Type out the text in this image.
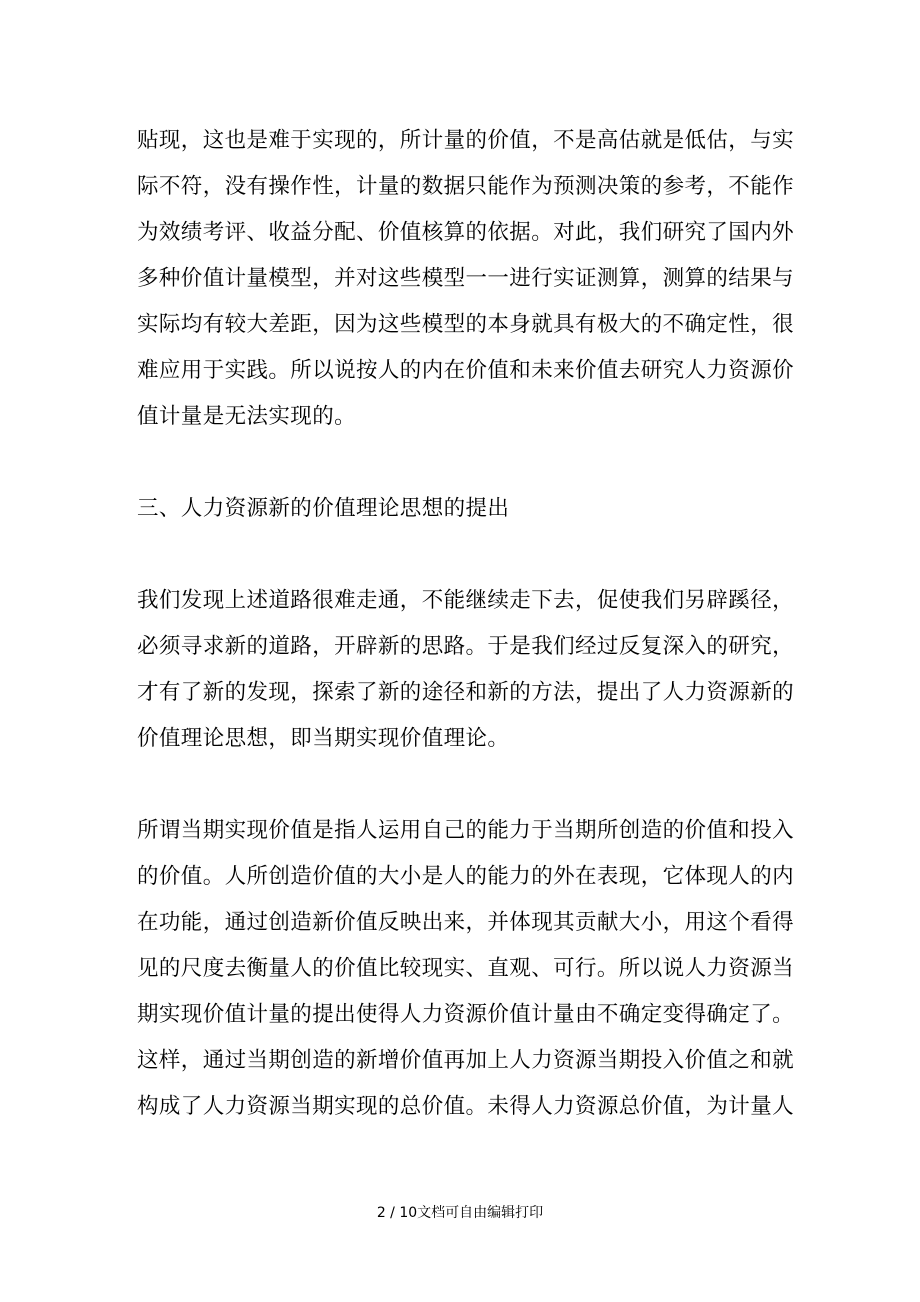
贴现，这也是难于实现的，所计量的价值，不是高估就是低估，与实
际不符，没有操作性，计量的数据只能作为预测决策的参考，不能作
为效绩考评、收益分配、价值核算的依据。对此，我们研究了国内外
多种价值计量模型，并对这些模型一一进行实证测算，测算的结果与
实际均有较大差距，因为这些模型的本身就具有极大的不确定性，很
难应用于实践。所以说按人的内在价值和未来价值去研究人力资源价
值计量是无法实现的。
三、人力资源新的价值理论思想的提出
我们发现上述道路很难走通，不能继续走下去，促使我们另辟蹊径，
必须寻求新的道路，开辟新的思路。于是我们经过反复深入的研究，
才有了新的发现，探索了新的途径和新的方法，提出了人力资源新的
价值理论思想，即当期实现价值理论。
所谓当期实现价值是指人运用自己的能力于当期所创造的价值和投入
的价值。人所创造价值的大小是人的能力的外在表现，它体现人的内
在功能，通过创造新价值反映出来，并体现其贡献大小，用这个看得
见的尺度去衡量人的价值比较现实、直观、可行。所以说人力资源当
期实现价值计量的提出使得人力资源价值计量由不确定变得确定了。
这样，通过当期创造的新增价值再加上人力资源当期投入价值之和就
构成了人力资源当期实现的总价值。未得人力资源总价值，为计量人
2 / 10文档可自由编辑打印
